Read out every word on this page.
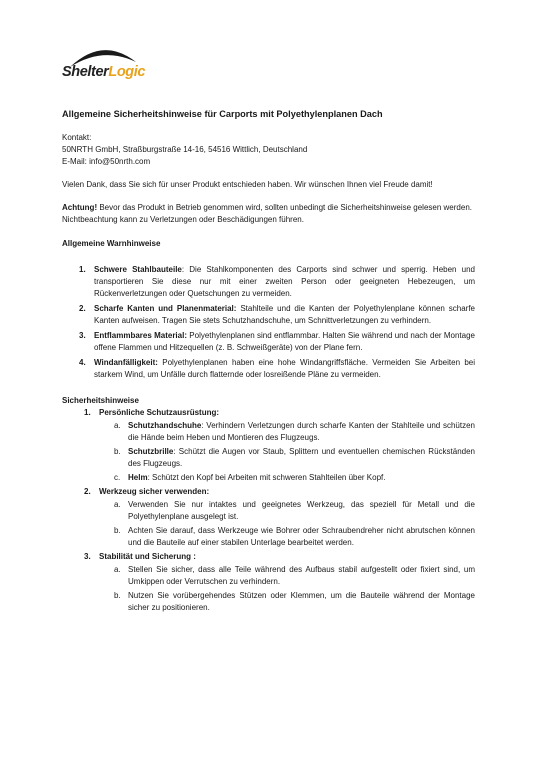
ShelterLogic
Allgemeine Sicherheitshinweise für Carports mit Polyethylenplanen Dach

Kontakt:

50NRTH GmbH, Straßburgstraße 14-16, 54516 Wittlich, Deutschland

E-Mail: info@50nrth.com

Vielen Dank, dass Sie sich für unser Produkt entschieden haben. Wir wünschen Ihnen viel Freude damit!

Achtung! Bevor das Produkt in Betrieb genommen wird, sollten unbedingt die Sicherheitshinweise gelesen werden. Nichtbeachtung kann zu Verletzungen oder Beschädigungen führen.

Allgemeine Warnhinweise
Schwere Stahlbauteile: Die Stahlkomponenten des Carports sind schwer und sperrig. Heben und transportieren Sie diese nur mit einer zweiten Person oder geeigneten Hebezeugen, um Rückenverletzungen oder Quetschungen zu vermeiden.
Scharfe Kanten und Planenmaterial: Stahlteile und die Kanten der Polyethylenplane können scharfe Kanten aufweisen. Tragen Sie stets Schutzhandschuhe, um Schnittverletzungen zu verhindern.
Entflammbares Material: Polyethylenplanen sind entflammbar. Halten Sie während und nach der Montage offene Flammen und Hitzequellen (z. B. Schweißgeräte) von der Plane fern.
Windanfälligkeit: Polyethylenplanen haben eine hohe Windangriffsfläche. Vermeiden Sie Arbeiten bei starkem Wind, um Unfälle durch flatternde oder losreißende Pläne zu vermeiden.
Sicherheitshinweise
Persönliche Schutzausrüstung:
Schutzhandschuhe: Verhindern Verletzungen durch scharfe Kanten der Stahlteile und schützen die Hände beim Heben und Montieren des Flugzeugs.
Schutzbrille: Schützt die Augen vor Staub, Splittern und eventuellen chemischen Rückständen des Flugzeugs.
Helm: Schützt den Kopf bei Arbeiten mit schweren Stahlteilen über Kopf.
Werkzeug sicher verwenden:
Verwenden Sie nur intaktes und geeignetes Werkzeug, das speziell für Metall und die Polyethylenplane ausgelegt ist.
Achten Sie darauf, dass Werkzeuge wie Bohrer oder Schraubendreher nicht abrutschen können und die Bauteile auf einer stabilen Unterlage bearbeitet werden.
Stabilität und Sicherung :
Stellen Sie sicher, dass alle Teile während des Aufbaus stabil aufgestellt oder fixiert sind, um Umkippen oder Verrutschen zu verhindern.
Nutzen Sie vorübergehendes Stützen oder Klemmen, um die Bauteile während der Montage sicher zu positionieren.
